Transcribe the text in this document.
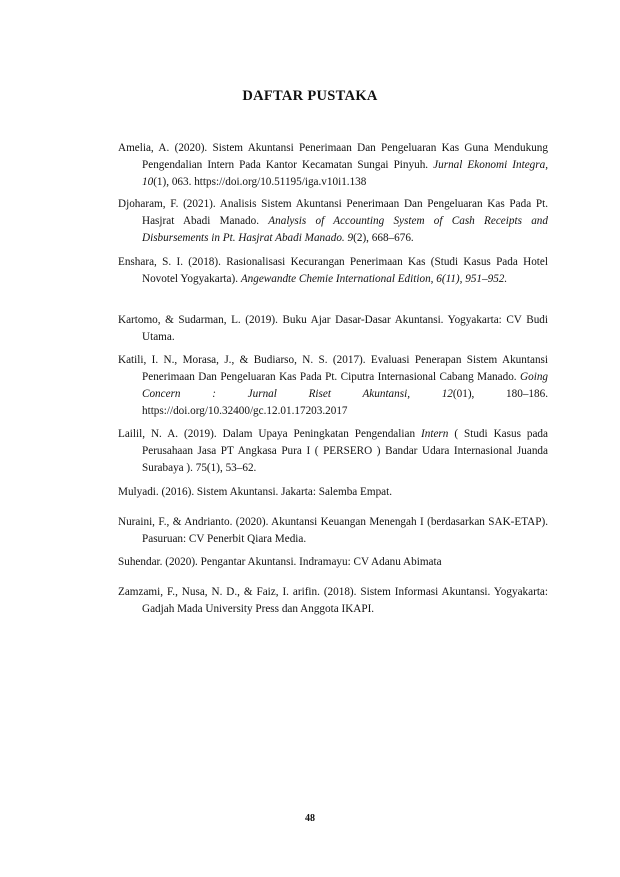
DAFTAR PUSTAKA
Amelia, A. (2020). Sistem Akuntansi Penerimaan Dan Pengeluaran Kas Guna Mendukung Pengendalian Intern Pada Kantor Kecamatan Sungai Pinyuh. Jurnal Ekonomi Integra, 10(1), 063. https://doi.org/10.51195/iga.v10i1.138
Djoharam, F. (2021). Analisis Sistem Akuntansi Penerimaan Dan Pengeluaran Kas Pada Pt. Hasjrat Abadi Manado. Analysis of Accounting System of Cash Receipts and Disbursements in Pt. Hasjrat Abadi Manado. 9(2), 668–676.
Enshara, S. I. (2018). Rasionalisasi Kecurangan Penerimaan Kas (Studi Kasus Pada Hotel Novotel Yogyakarta). Angewandte Chemie International Edition, 6(11), 951–952.
Kartomo, & Sudarman, L. (2019). Buku Ajar Dasar-Dasar Akuntansi. Yogyakarta: CV Budi Utama.
Katili, I. N., Morasa, J., & Budiarso, N. S. (2017). Evaluasi Penerapan Sistem Akuntansi Penerimaan Dan Pengeluaran Kas Pada Pt. Ciputra Internasional Cabang Manado. Going Concern : Jurnal Riset Akuntansi, 12(01), 180–186. https://doi.org/10.32400/gc.12.01.17203.2017
Lailil, N. A. (2019). Dalam Upaya Peningkatan Pengendalian Intern ( Studi Kasus pada Perusahaan Jasa PT Angkasa Pura I ( PERSERO ) Bandar Udara Internasional Juanda Surabaya ). 75(1), 53–62.
Mulyadi. (2016). Sistem Akuntansi. Jakarta: Salemba Empat.
Nuraini, F., & Andrianto. (2020). Akuntansi Keuangan Menengah I (berdasarkan SAK-ETAP). Pasuruan: CV Penerbit Qiara Media.
Suhendar. (2020). Pengantar Akuntansi. Indramayu: CV Adanu Abimata
Zamzami, F., Nusa, N. D., & Faiz, I. arifin. (2018). Sistem Informasi Akuntansi. Yogyakarta: Gadjah Mada University Press dan Anggota IKAPI.
48
